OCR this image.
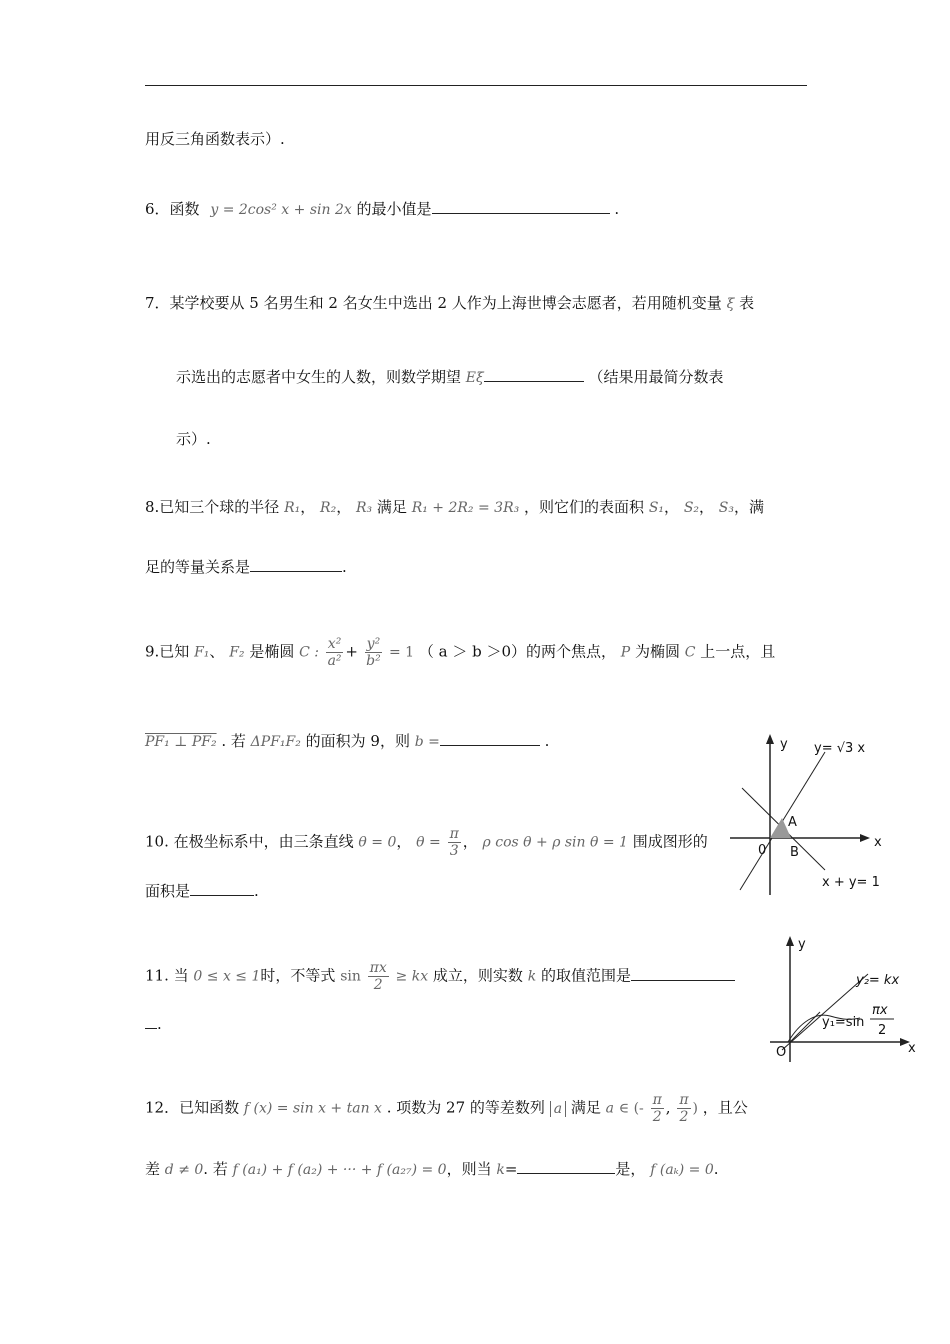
用反三角函数表示）.
6．函数 y = 2cos² x + sin 2x 的最小值是	.
7．某学校要从 5 名男生和 2 名女生中选出 2 人作为上海世博会志愿者，若用随机变量 ξ 表
示选出的志愿者中女生的人数，则数学期望 Eξ	（结果用最简分数表
示）.
8.已知三个球的半径 R₁， R₂， R₃ 满足 R₁ + 2R₂ = 3R₃ ，则它们的表面积 S₁， S₂， S₃，满
足的等量关系是	.
9.已知 F₁、 F₂ 是椭圆 C : $\frac{\text{x²}}{\text{a²}} + \frac{\text{y²}}{\text{b²}} = 1$ （ a ＞ b ＞0）的两个焦点， P 为椭圆 C 上一点，且
PF₁ ⊥ PF₂ . 若 ΔPF₁F₂ 的面积为 9，则 b =	.
10. 在极坐标系中，由三条直线 θ = 0， $\theta = \frac{\pi}{3}$ ， ρ cos θ + ρ sin θ = 1 围成图形的
面积是	.
11. 当 0 ≤ x ≤ 1时，不等式 $\sin \frac{\pi x}{2}$ ≥ kx 成立，则实数 k 的取值范围是
.
12．已知函数 f (x) = sin x + tan x . 项数为 27 的等差数列 a 满足 a ∈ (- $\frac{\pi}{2}$ , $\frac{\pi}{2}$ ) ，且公
差 d ≠ 0. 若 f (a₁) + f (a₂) + ··· + f (a₂₇) = 0，则当 k=	是， f (aₖ) = 0.
y
x
0
A
B
y= √3 x
x + y= 1
y
x
O
y₂= kx
y₁=sin
πx
2
